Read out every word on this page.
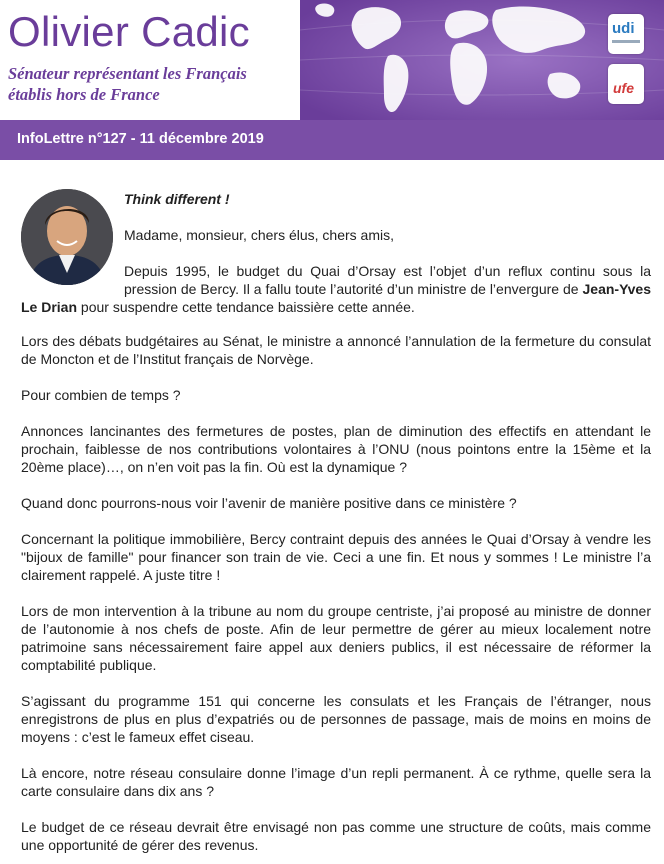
Olivier Cadic
Sénateur représentant les Français
établis hors de France
udi
ufe
InfoLettre n°127 - 11 décembre 2019

Think different !

Madame, monsieur, chers élus, chers amis,

Depuis 1995, le budget du Quai d’Orsay est l’objet d’un reflux continu sous la pression de Bercy. Il a fallu toute l’autorité d’un ministre de l’envergure de Jean-Yves Le Drian pour suspendre cette tendance baissière cette année.

Lors des débats budgétaires au Sénat, le ministre a annoncé l’annulation de la fermeture du consulat de Moncton et de l’Institut français de Norvège.

Pour combien de temps ?

Annonces lancinantes des fermetures de postes, plan de diminution des effectifs en attendant le prochain, faiblesse de nos contributions volontaires à l’ONU (nous pointons entre la 15ème et la 20ème place)…, on n’en voit pas la fin. Où est la dynamique ?

Quand donc pourrons-nous voir l’avenir de manière positive dans ce ministère ?

Concernant la politique immobilière, Bercy contraint depuis des années le Quai d’Orsay à vendre les "bijoux de famille" pour financer son train de vie. Ceci a une fin. Et nous y sommes ! Le ministre l’a clairement rappelé. A juste titre !

Lors de mon intervention à la tribune au nom du groupe centriste, j’ai proposé au ministre de donner de l’autonomie à nos chefs de poste. Afin de leur permettre de gérer au mieux localement notre patrimoine sans nécessairement faire appel aux deniers publics, il est nécessaire de réformer la comptabilité publique.

S’agissant du programme 151 qui concerne les consulats et les Français de l’étranger, nous enregistrons de plus en plus d’expatriés ou de personnes de passage, mais de moins en moins de moyens : c’est le fameux effet ciseau.

Là encore, notre réseau consulaire donne l’image d’un repli permanent. À ce rythme, quelle sera la carte consulaire dans dix ans ?

Le budget de ce réseau devrait être envisagé non pas comme une structure de coûts, mais comme une opportunité de gérer des revenus.
